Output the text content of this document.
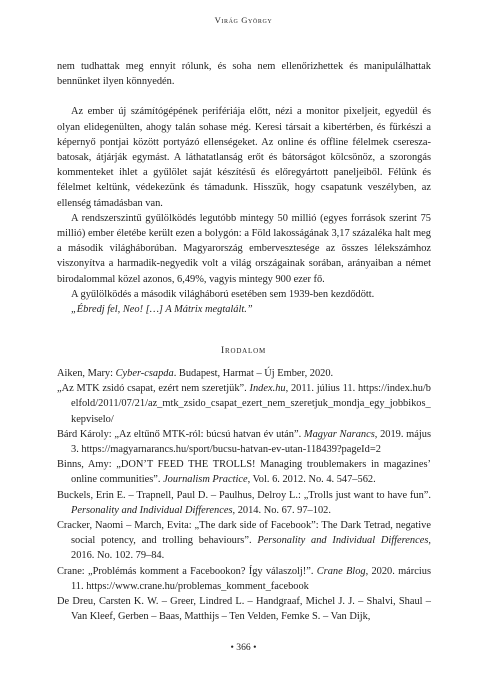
Virág György

nem tudhattak meg ennyit rólunk, és soha nem ellenőrizhettek és manipulálhattak bennünket ilyen könnyedén.

Az ember új számítógépének perifériája előtt, nézi a monitor pixeljeit, egyedül és olyan elidegenülten, ahogy talán sohase még. Keresi társait a kibertérben, és fürkészi a képernyő pontjai között portyázó ellenségeket. Az online és offline félelmek csereszabatosak, átjárják egymást. A láthatatlanság erőt és bátorságot kölcsönöz, a szorongás kommenteket ihlet a gyűlölet saját készítésű és előregyártott paneljeiből. Félünk és félelmet keltünk, védekezünk és támadunk. Hisszük, hogy csapatunk veszélyben, az ellenség támadásban van.

A rendszerszintű gyűlölködés legutóbb mintegy 50 millió (egyes források szerint 75 millió) ember életébe került ezen a bolygón: a Föld lakosságának 3,17 százaléka halt meg a második világháborúban. Magyarország embervesztesége az összes lélekszámhoz viszonyítva a harmadik-negyedik volt a világ országainak sorában, arányaiban a német birodalommal közel azonos, 6,49%, vagyis mintegy 900 ezer fő.

A gyűlölködés a második világháború esetében sem 1939-ben kezdődött.

„Ébredj fel, Neo! […] A Mátrix megtalált.”

Irodalom

Aiken, Mary: Cyber-csapda. Budapest, Harmat – Új Ember, 2020.

„Az MTK zsidó csapat, ezért nem szeretjük”. Index.hu, 2011. július 11. https://index.hu/belfold/2011/07/21/az_mtk_zsido_csapat_ezert_nem_szeretjuk_mondja_egy_jobbikos_kepviselo/

Bárd Károly: „Az eltűnő MTK-ról: búcsú hatvan év után”. Magyar Narancs, 2019. május 3. https://magyarnarancs.hu/sport/bucsu-hatvan-ev-utan-118439?pageId=2

Binns, Amy: „DON’T FEED THE TROLLS! Managing troublemakers in magazines’ online communities”. Journalism Practice, Vol. 6. 2012. No. 4. 547–562.

Buckels, Erin E. – Trapnell, Paul D. – Paulhus, Delroy L.: „Trolls just want to have fun”. Personality and Individual Differences, 2014. No. 67. 97–102.

Cracker, Naomi – March, Evita: „The dark side of Facebook”: The Dark Tetrad, negative social potency, and trolling behaviours”. Personality and Individual Differences, 2016. No. 102. 79–84.

Crane: „Problémás komment a Facebookon? Így válaszolj!”. Crane Blog, 2020. március 11. https://www.crane.hu/problemas_komment_facebook

De Dreu, Carsten K. W. – Greer, Lindred L. – Handgraaf, Michel J. J. – Shalvi, Shaul – Van Kleef, Gerben – Baas, Matthijs – Ten Velden, Femke S. – Van Dijk,

• 366 •
